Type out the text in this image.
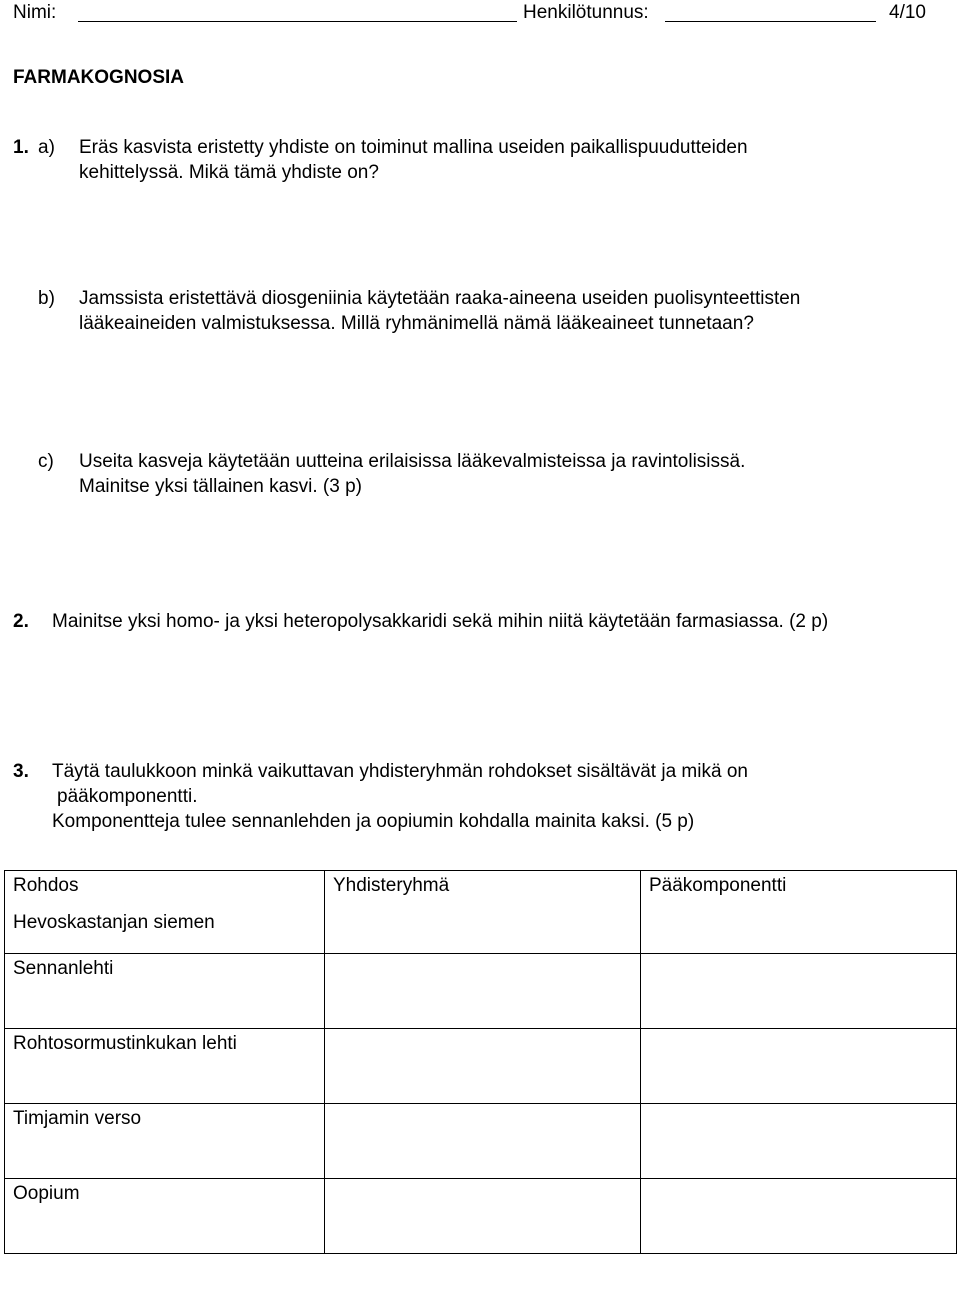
Nimi:	Henkilötunnus:	4/10
FARMAKOGNOSIA
1. a) Eräs kasvista eristetty yhdiste on toiminut mallina useiden paikallispuudutteiden
kehittelyssä. Mikä tämä yhdiste on?
b) Jamssista eristettävä diosgeniinia käytetään raaka-aineena useiden puolisynteettisten
lääkeaineiden valmistuksessa. Millä ryhmänimellä nämä lääkeaineet tunnetaan?
c) Useita kasveja käytetään uutteina erilaisissa lääkevalmisteissa ja ravintolisissä.
Mainitse yksi tällainen kasvi. (3 p)
2. Mainitse yksi homo- ja yksi heteropolysakkaridi sekä mihin niitä käytetään farmasiassa. (2 p)
3. Täytä taulukkoon minkä vaikuttavan yhdisteryhmän rohdokset sisältävät ja mikä on
pääkomponentti.
Komponentteja tulee sennanlehden ja oopiumin kohdalla mainita kaksi. (5 p)
Rohdos	Yhdisteryhmä	Pääkomponentti
Hevoskastanjan siemen		
Sennanlehti		
Rohtosormustinkukan lehti		
Timjamin verso		
Oopium		
